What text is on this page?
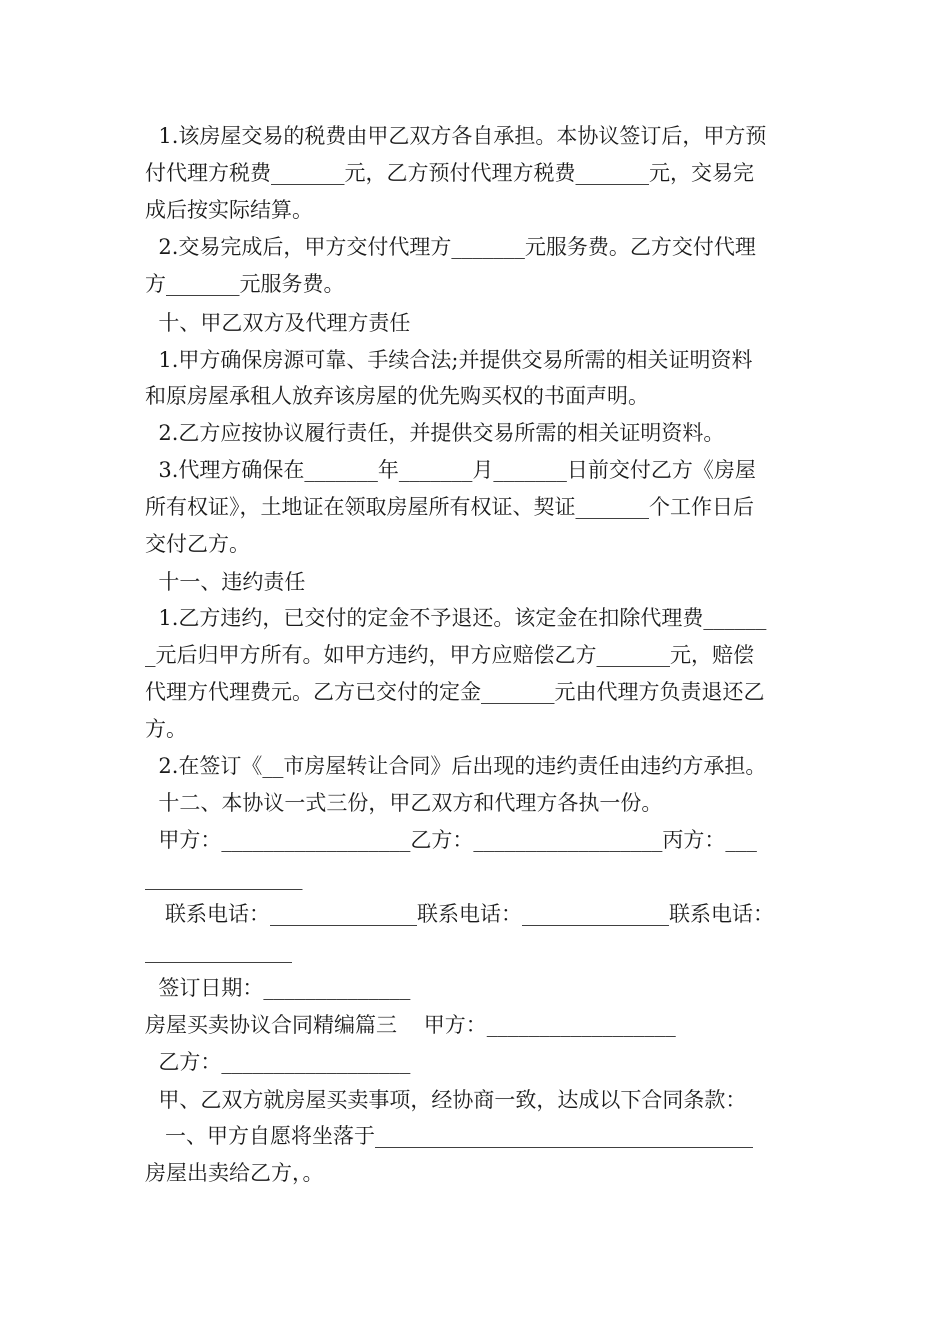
1.该房屋交易的税费由甲乙双方各自承担。本协议签订后，甲方预

付代理方税费_______元，乙方预付代理方税费_______元，交易完

成后按实际结算。

2.交易完成后，甲方交付代理方_______元服务费。乙方交付代理

方_______元服务费。

十、甲乙双方及代理方责任

1.甲方确保房源可靠、手续合法;并提供交易所需的相关证明资料

和原房屋承租人放弃该房屋的优先购买权的书面声明。

2.乙方应按协议履行责任，并提供交易所需的相关证明资料。

3.代理方确保在_______年_______月_______日前交付乙方《房屋

所有权证》，土地证在领取房屋所有权证、契证_______个工作日后

交付乙方。

十一、违约责任

1.乙方违约，已交付的定金不予退还。该定金在扣除代理费______

_元后归甲方所有。如甲方违约，甲方应赔偿乙方_______元，赔偿

代理方代理费元。乙方已交付的定金_______元由代理方负责退还乙

方。

2.在签订《__市房屋转让合同》后出现的违约责任由违约方承担。

十二、本协议一式三份，甲乙双方和代理方各执一份。

甲方：__________________乙方：__________________丙方：___

_______________

联系电话：______________联系电话：______________联系电话：

______________

签订日期：______________

房屋买卖协议合同精编篇三    甲方：__________________

乙方：__________________

甲、乙双方就房屋买卖事项，经协商一致，达成以下合同条款：

一、甲方自愿将坐落于____________________________________

房屋出卖给乙方，。
